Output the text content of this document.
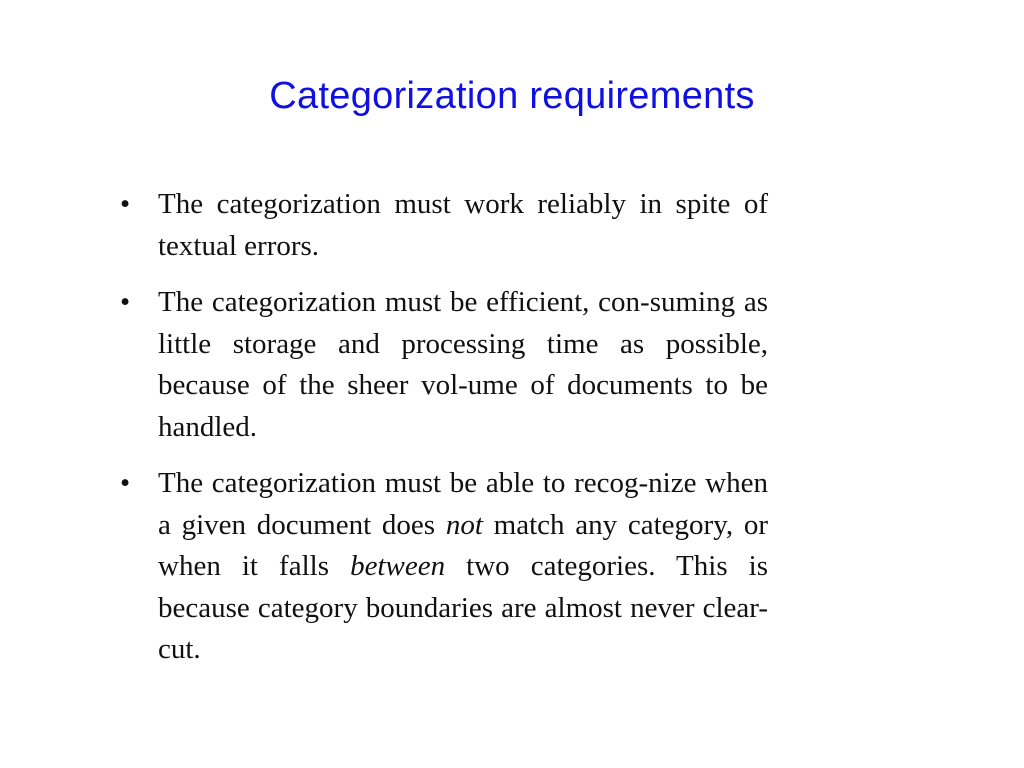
Categorization requirements
• The categorization must work reliably in spite of textual errors.
• The categorization must be efficient, con-suming as little storage and processing time as possible, because of the sheer vol-ume of documents to be handled.
• The categorization must be able to recog-nize when a given document does not match any category, or when it falls between two categories. This is because category boundaries are almost never clear-cut.
